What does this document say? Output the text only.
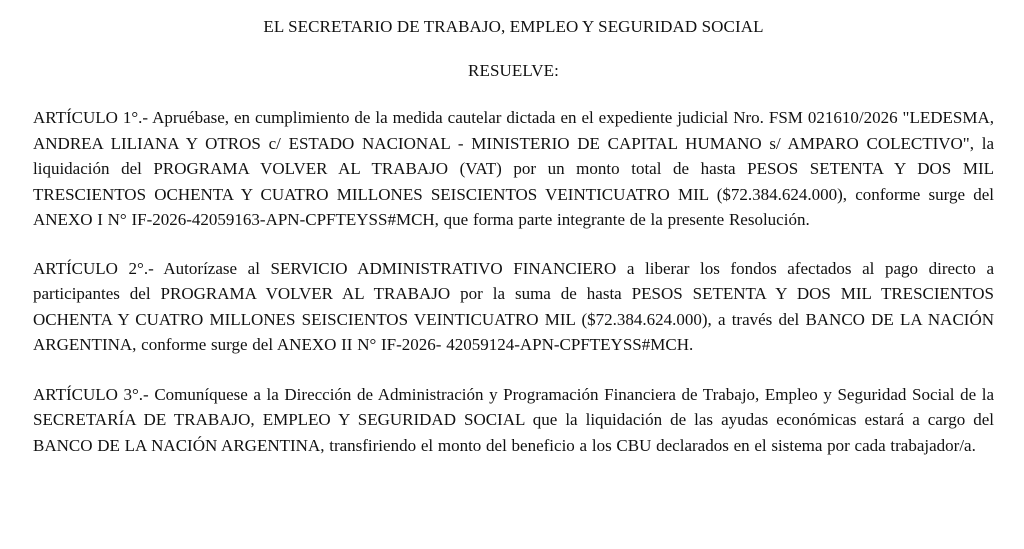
EL SECRETARIO DE TRABAJO, EMPLEO Y SEGURIDAD SOCIAL
RESUELVE:

ARTÍCULO 1°.- Apruébase, en cumplimiento de la medida cautelar dictada en el expediente judicial Nro. FSM 021610/2026 "LEDESMA, ANDREA LILIANA Y OTROS c/ ESTADO NACIONAL - MINISTERIO DE CAPITAL HUMANO s/ AMPARO COLECTIVO", la liquidación del PROGRAMA VOLVER AL TRABAJO (VAT) por un monto total de hasta PESOS SETENTA Y DOS MIL TRESCIENTOS OCHENTA Y CUATRO MILLONES SEISCIENTOS VEINTICUATRO MIL ($72.384.624.000), conforme surge del ANEXO I N° IF-2026-42059163-APN-CPFTEYSS#MCH, que forma parte integrante de la presente Resolución.

ARTÍCULO 2°.- Autorízase al SERVICIO ADMINISTRATIVO FINANCIERO a liberar los fondos afectados al pago directo a participantes del PROGRAMA VOLVER AL TRABAJO por la suma de hasta PESOS SETENTA Y DOS MIL TRESCIENTOS OCHENTA Y CUATRO MILLONES SEISCIENTOS VEINTICUATRO MIL ($72.384.624.000), a través del BANCO DE LA NACIÓN ARGENTINA, conforme surge del ANEXO II N° IF-2026- 42059124-APN-CPFTEYSS#MCH.

ARTÍCULO 3°.- Comuníquese a la Dirección de Administración y Programación Financiera de Trabajo, Empleo y Seguridad Social de la SECRETARÍA DE TRABAJO, EMPLEO Y SEGURIDAD SOCIAL que la liquidación de las ayudas económicas estará a cargo del BANCO DE LA NACIÓN ARGENTINA, transfiriendo el monto del beneficio a los CBU declarados en el sistema por cada trabajador/a.
